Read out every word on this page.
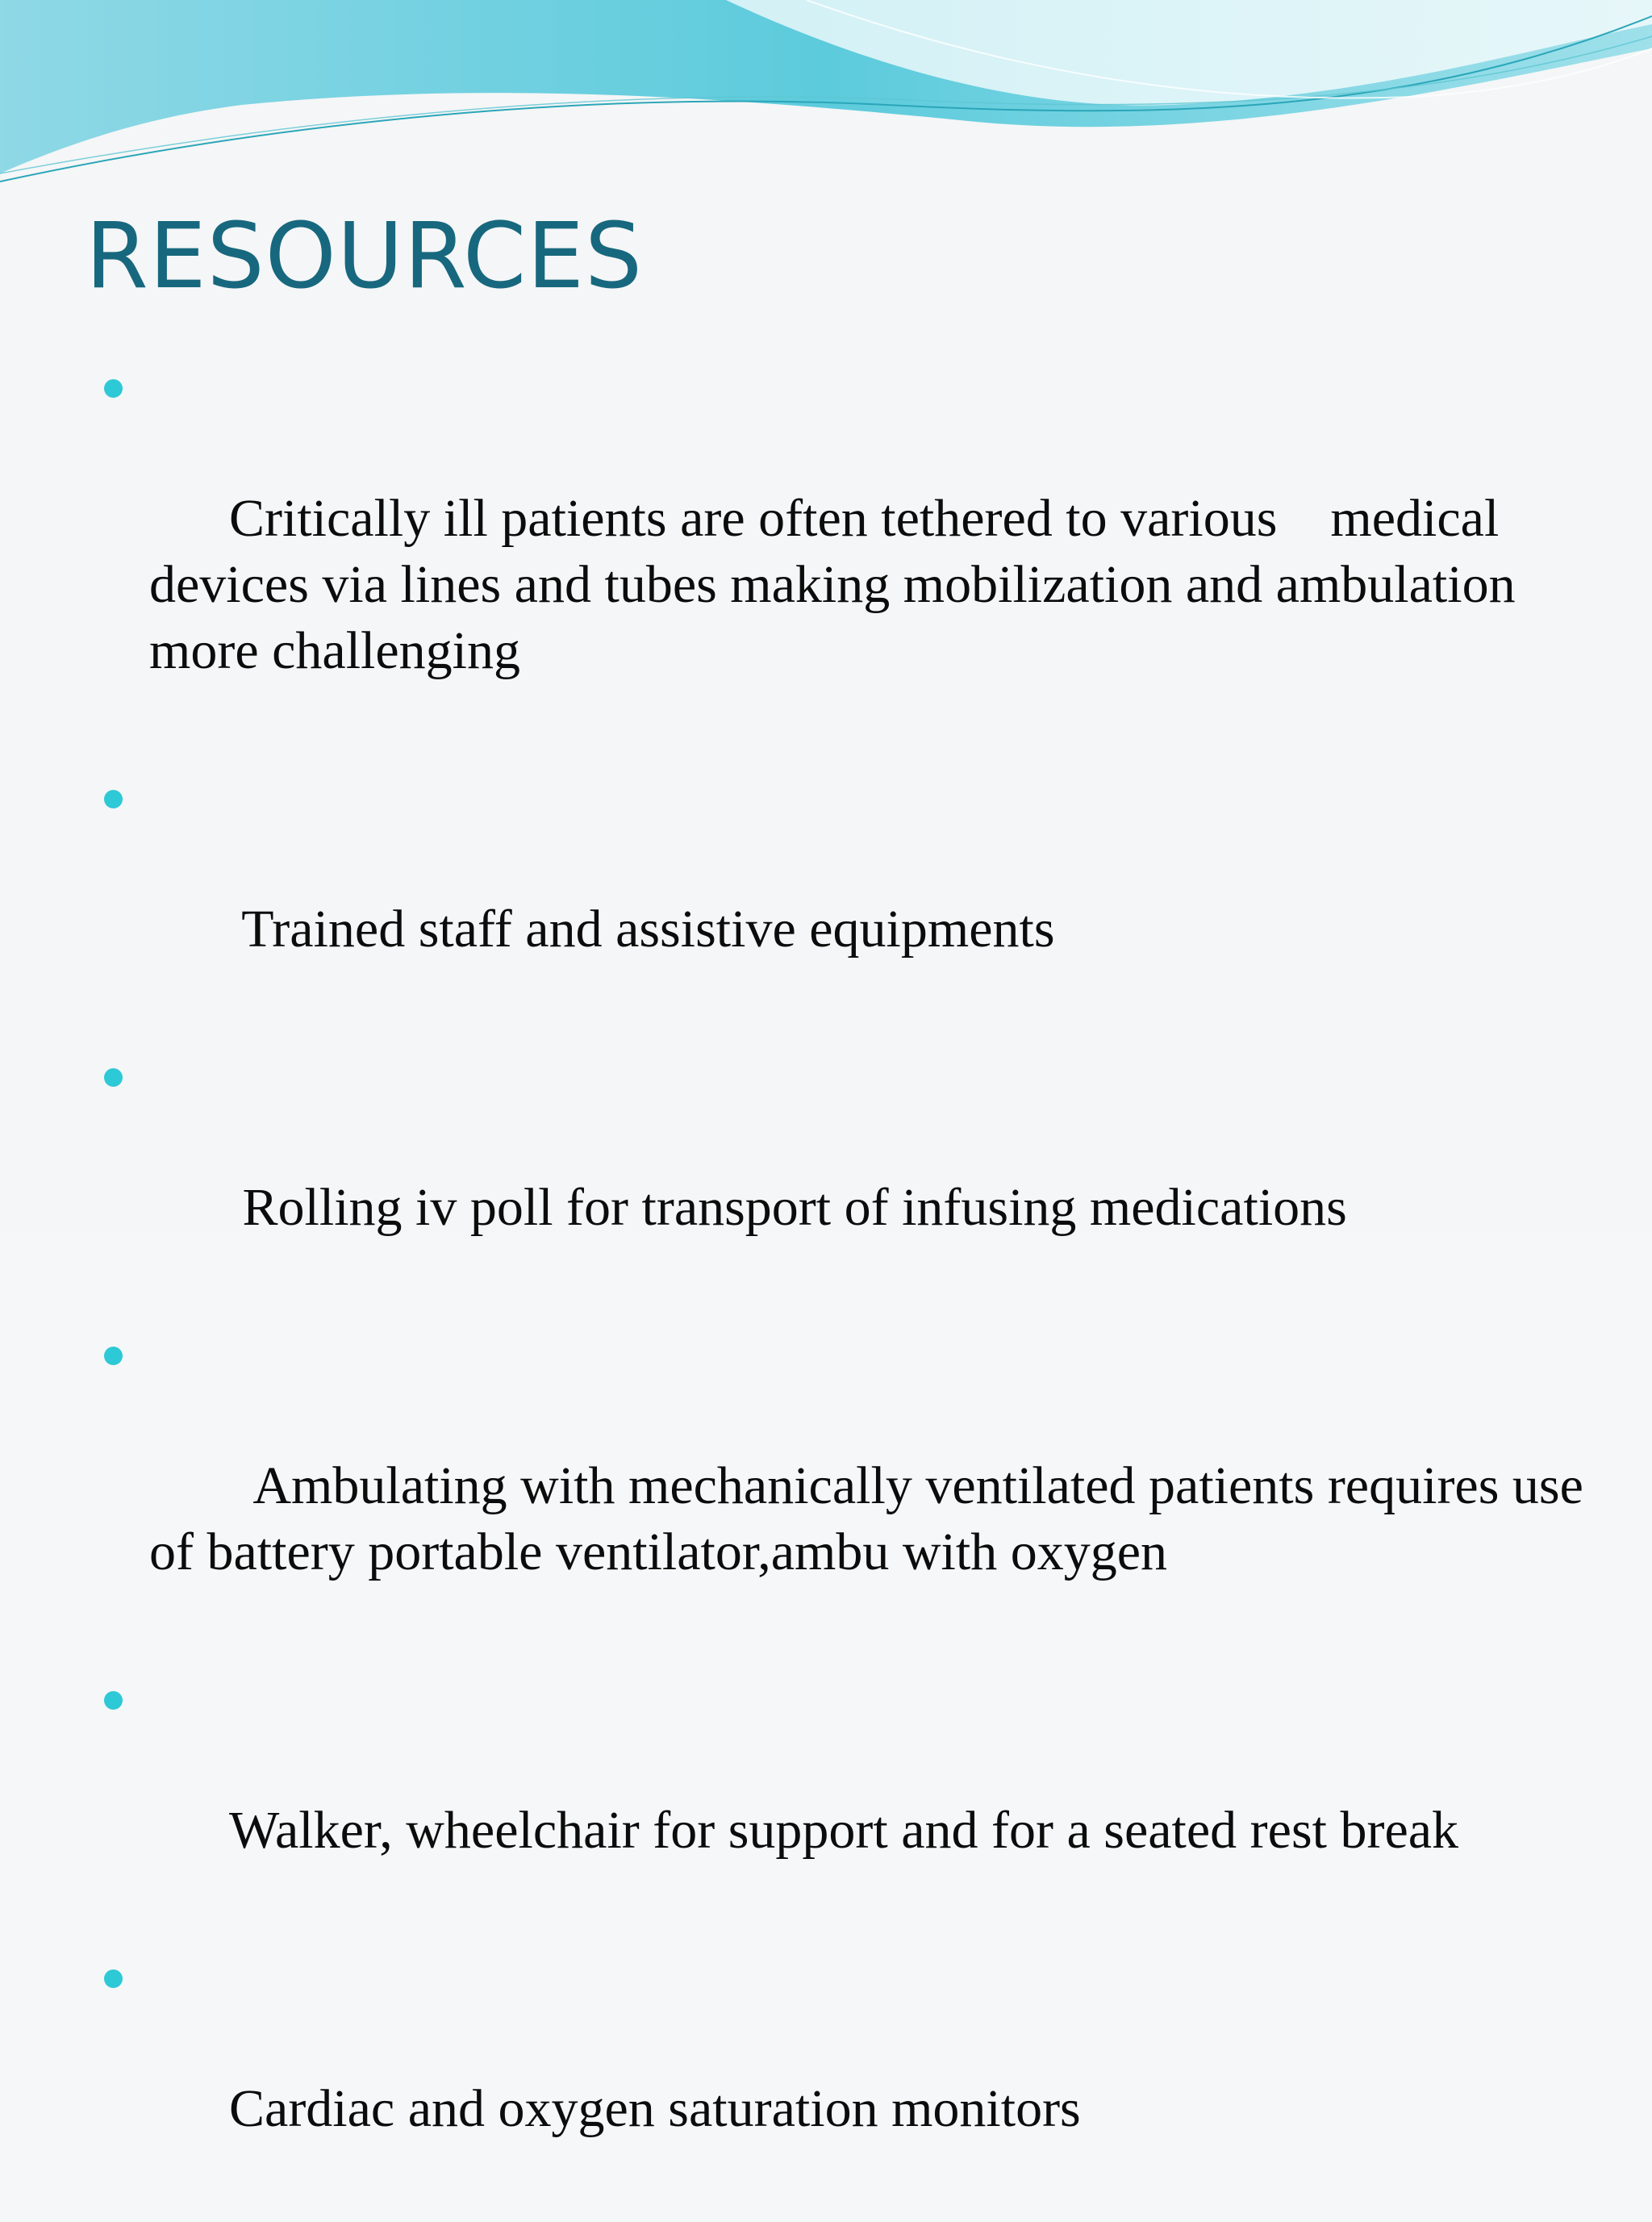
RESOURCES

Critically ill patients are often tethered to various    medical devices via lines and tubes making mobilization and ambulation more challenging

Trained staff and assistive equipments

Rolling iv poll for transport of infusing medications

Ambulating with mechanically ventilated patients requires use of battery portable ventilator,ambu with oxygen

Walker, wheelchair for support and for a seated rest break

Cardiac and oxygen saturation monitors
